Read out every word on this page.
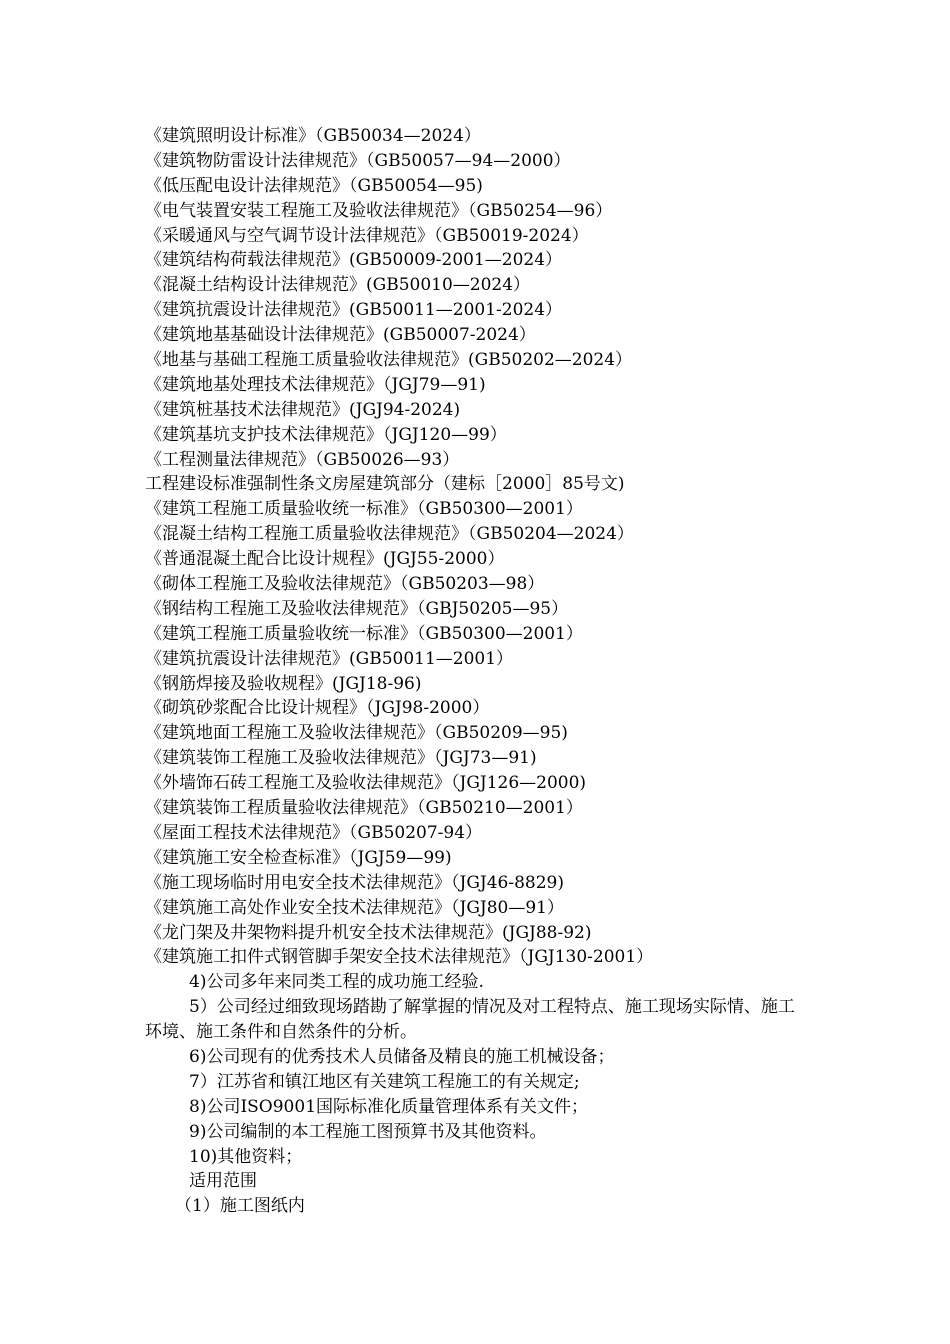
《建筑照明设计标准》（GB50034—2024）
《建筑物防雷设计法律规范》（GB50057—94—2000）
《低压配电设计法律规范》（GB50054—95)
《电气装置安装工程施工及验收法律规范》（GB50254—96）
《采暖通风与空气调节设计法律规范》（GB50019-2024）
《建筑结构荷载法律规范》(GB50009-2001—2024）
《混凝土结构设计法律规范》(GB50010—2024）
《建筑抗震设计法律规范》(GB50011—2001-2024）
《建筑地基基础设计法律规范》(GB50007-2024）
《地基与基础工程施工质量验收法律规范》(GB50202—2024）
《建筑地基处理技术法律规范》（JGJ79—91)
《建筑桩基技术法律规范》(JGJ94-2024)
《建筑基坑支护技术法律规范》（JGJ120—99）
《工程测量法律规范》（GB50026—93）
工程建设标准强制性条文房屋建筑部分（建标［2000］85号文)
《建筑工程施工质量验收统一标准》（GB50300—2001）
《混凝土结构工程施工质量验收法律规范》（GB50204—2024）
《普通混凝土配合比设计规程》(JGJ55-2000）
《砌体工程施工及验收法律规范》（GB50203—98）
《钢结构工程施工及验收法律规范》（GBJ50205—95）
《建筑工程施工质量验收统一标准》（GB50300—2001）
《建筑抗震设计法律规范》(GB50011—2001）
《钢筋焊接及验收规程》(JGJ18-96)
《砌筑砂浆配合比设计规程》（JGJ98-2000）
《建筑地面工程施工及验收法律规范》（GB50209—95)
《建筑装饰工程施工及验收法律规范》（JGJ73—91)
《外墙饰石砖工程施工及验收法律规范》（JGJ126—2000)
《建筑装饰工程质量验收法律规范》（GB50210—2001）
《屋面工程技术法律规范》（GB50207-94）
《建筑施工安全检查标准》（JGJ59—99)
《施工现场临时用电安全技术法律规范》（JGJ46-8829)
《建筑施工高处作业安全技术法律规范》（JGJ80—91）
《龙门架及井架物料提升机安全技术法律规范》(JGJ88-92)
《建筑施工扣件式钢管脚手架安全技术法律规范》（JGJ130-2001）
4)公司多年来同类工程的成功施工经验.
5）公司经过细致现场踏勘了解掌握的情况及对工程特点、施工现场实际情、施工环境、施工条件和自然条件的分析。
6)公司现有的优秀技术人员储备及精良的施工机械设备；
7）江苏省和镇江地区有关建筑工程施工的有关规定;
8)公司ISO9001国际标准化质量管理体系有关文件；
9)公司编制的本工程施工图预算书及其他资料。
10)其他资料；
适用范围
（1）施工图纸内
